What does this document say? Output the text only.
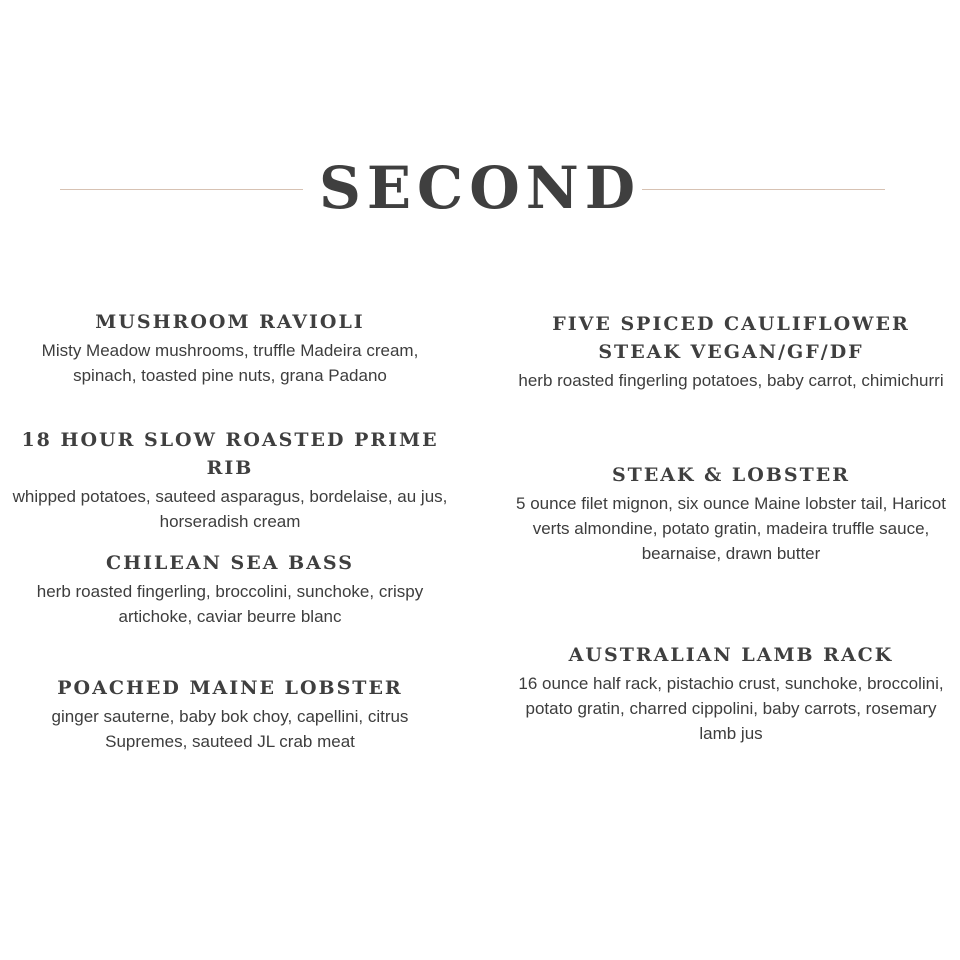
SECOND
MUSHROOM RAVIOLI

Misty Meadow mushrooms, truffle Madeira cream, spinach, toasted pine nuts, grana Padano

18 HOUR SLOW ROASTED PRIME RIB

whipped potatoes, sauteed asparagus, bordelaise, au jus, horseradish cream

CHILEAN SEA BASS

herb roasted fingerling, broccolini, sunchoke, crispy artichoke, caviar beurre blanc

POACHED MAINE LOBSTER

ginger sauterne, baby bok choy, capellini, citrus Supremes, sauteed JL crab meat

FIVE SPICED CAULIFLOWER STEAK VEGAN/GF/DF

herb roasted fingerling potatoes, baby carrot, chimichurri

STEAK & LOBSTER

5 ounce filet mignon, six ounce Maine lobster tail, Haricot verts almondine, potato gratin, madeira truffle sauce, bearnaise, drawn butter

AUSTRALIAN LAMB RACK

16 ounce half rack, pistachio crust, sunchoke, broccolini, potato gratin, charred cippolini, baby carrots, rosemary lamb jus
